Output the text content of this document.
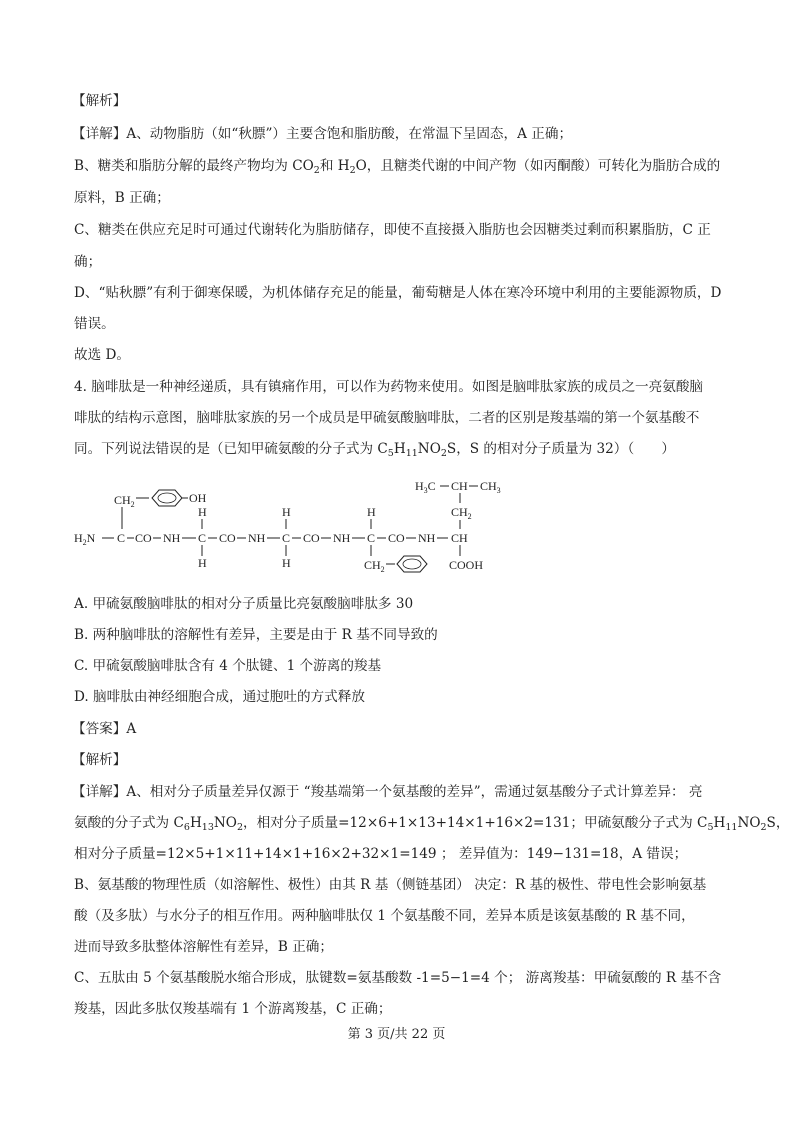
【解析】
【详解】A、动物脂肪（如“秋膘”）主要含饱和脂肪酸，在常温下呈固态，A 正确；
B、糖类和脂肪分解的最终产物均为 $CO_2$和 $H_2O$，且糖类代谢的中间产物（如丙酮酸）可转化为脂肪合成的
原料，B 正确；
C、糖类在供应充足时可通过代谢转化为脂肪储存，即使不直接摄入脂肪也会因糖类过剩而积累脂肪，C 正
确；
D、“贴秋膘”有利于御寒保暖，为机体储存充足的能量，葡萄糖是人体在寒冷环境中利用的主要能源物质，D
错误。
故选 D。
4. 脑啡肽是一种神经递质，具有镇痛作用，可以作为药物来使用。如图是脑啡肽家族的成员之一亮氨酸脑
啡肽的结构示意图，脑啡肽家族的另一个成员是甲硫氨酸脑啡肽，二者的区别是羧基端的第一个氨基酸不
同。下列说法错误的是（已知甲硫氨酸的分子式为 $C_5H_{11}NO_2S$，S 的相对分子质量为 32）（　　）
$CH_2$	OH
$H_2N$ C CO NH
H
C
H
CO NH
H
C
H
CO NH
H
C
$CH_2$
CO NH
$H_3C$ CH $CH_3$
$CH_2$
CH
COOH
A. 甲硫氨酸脑啡肽的相对分子质量比亮氨酸脑啡肽多 30
B. 两种脑啡肽的溶解性有差异，主要是由于 R 基不同导致的
C. 甲硫氨酸脑啡肽含有 4 个肽键、1 个游离的羧基
D. 脑啡肽由神经细胞合成，通过胞吐的方式释放
【答案】A
【解析】
【详解】A、相对分子质量差异仅源于 “羧基端第一个氨基酸的差异”，需通过氨基酸分子式计算差异： 亮
氨酸的分子式为 $C_6H_{13}NO_2$，相对分子质量=12×6+1×13+14×1+16×2=131；甲硫氨酸分子式为 $C_5H_{11}NO_2S$，
相对分子质量=12×5+1×11+14×1+16×2+32×1=149 ； 差异值为：149−131=18，A 错误；
B、氨基酸的物理性质（如溶解性、极性）由其 R 基（侧链基团） 决定：R 基的极性、带电性会影响氨基
酸（及多肽）与水分子的相互作用。两种脑啡肽仅 1 个氨基酸不同，差异本质是该氨基酸的 R 基不同，
进而导致多肽整体溶解性有差异，B 正确；
C、五肽由 5 个氨基酸脱水缩合形成，肽键数=氨基酸数 -1=5−1=4 个； 游离羧基：甲硫氨酸的 R 基不含
羧基，因此多肽仅羧基端有 1 个游离羧基，C 正确；
第 3 页/共 22 页
